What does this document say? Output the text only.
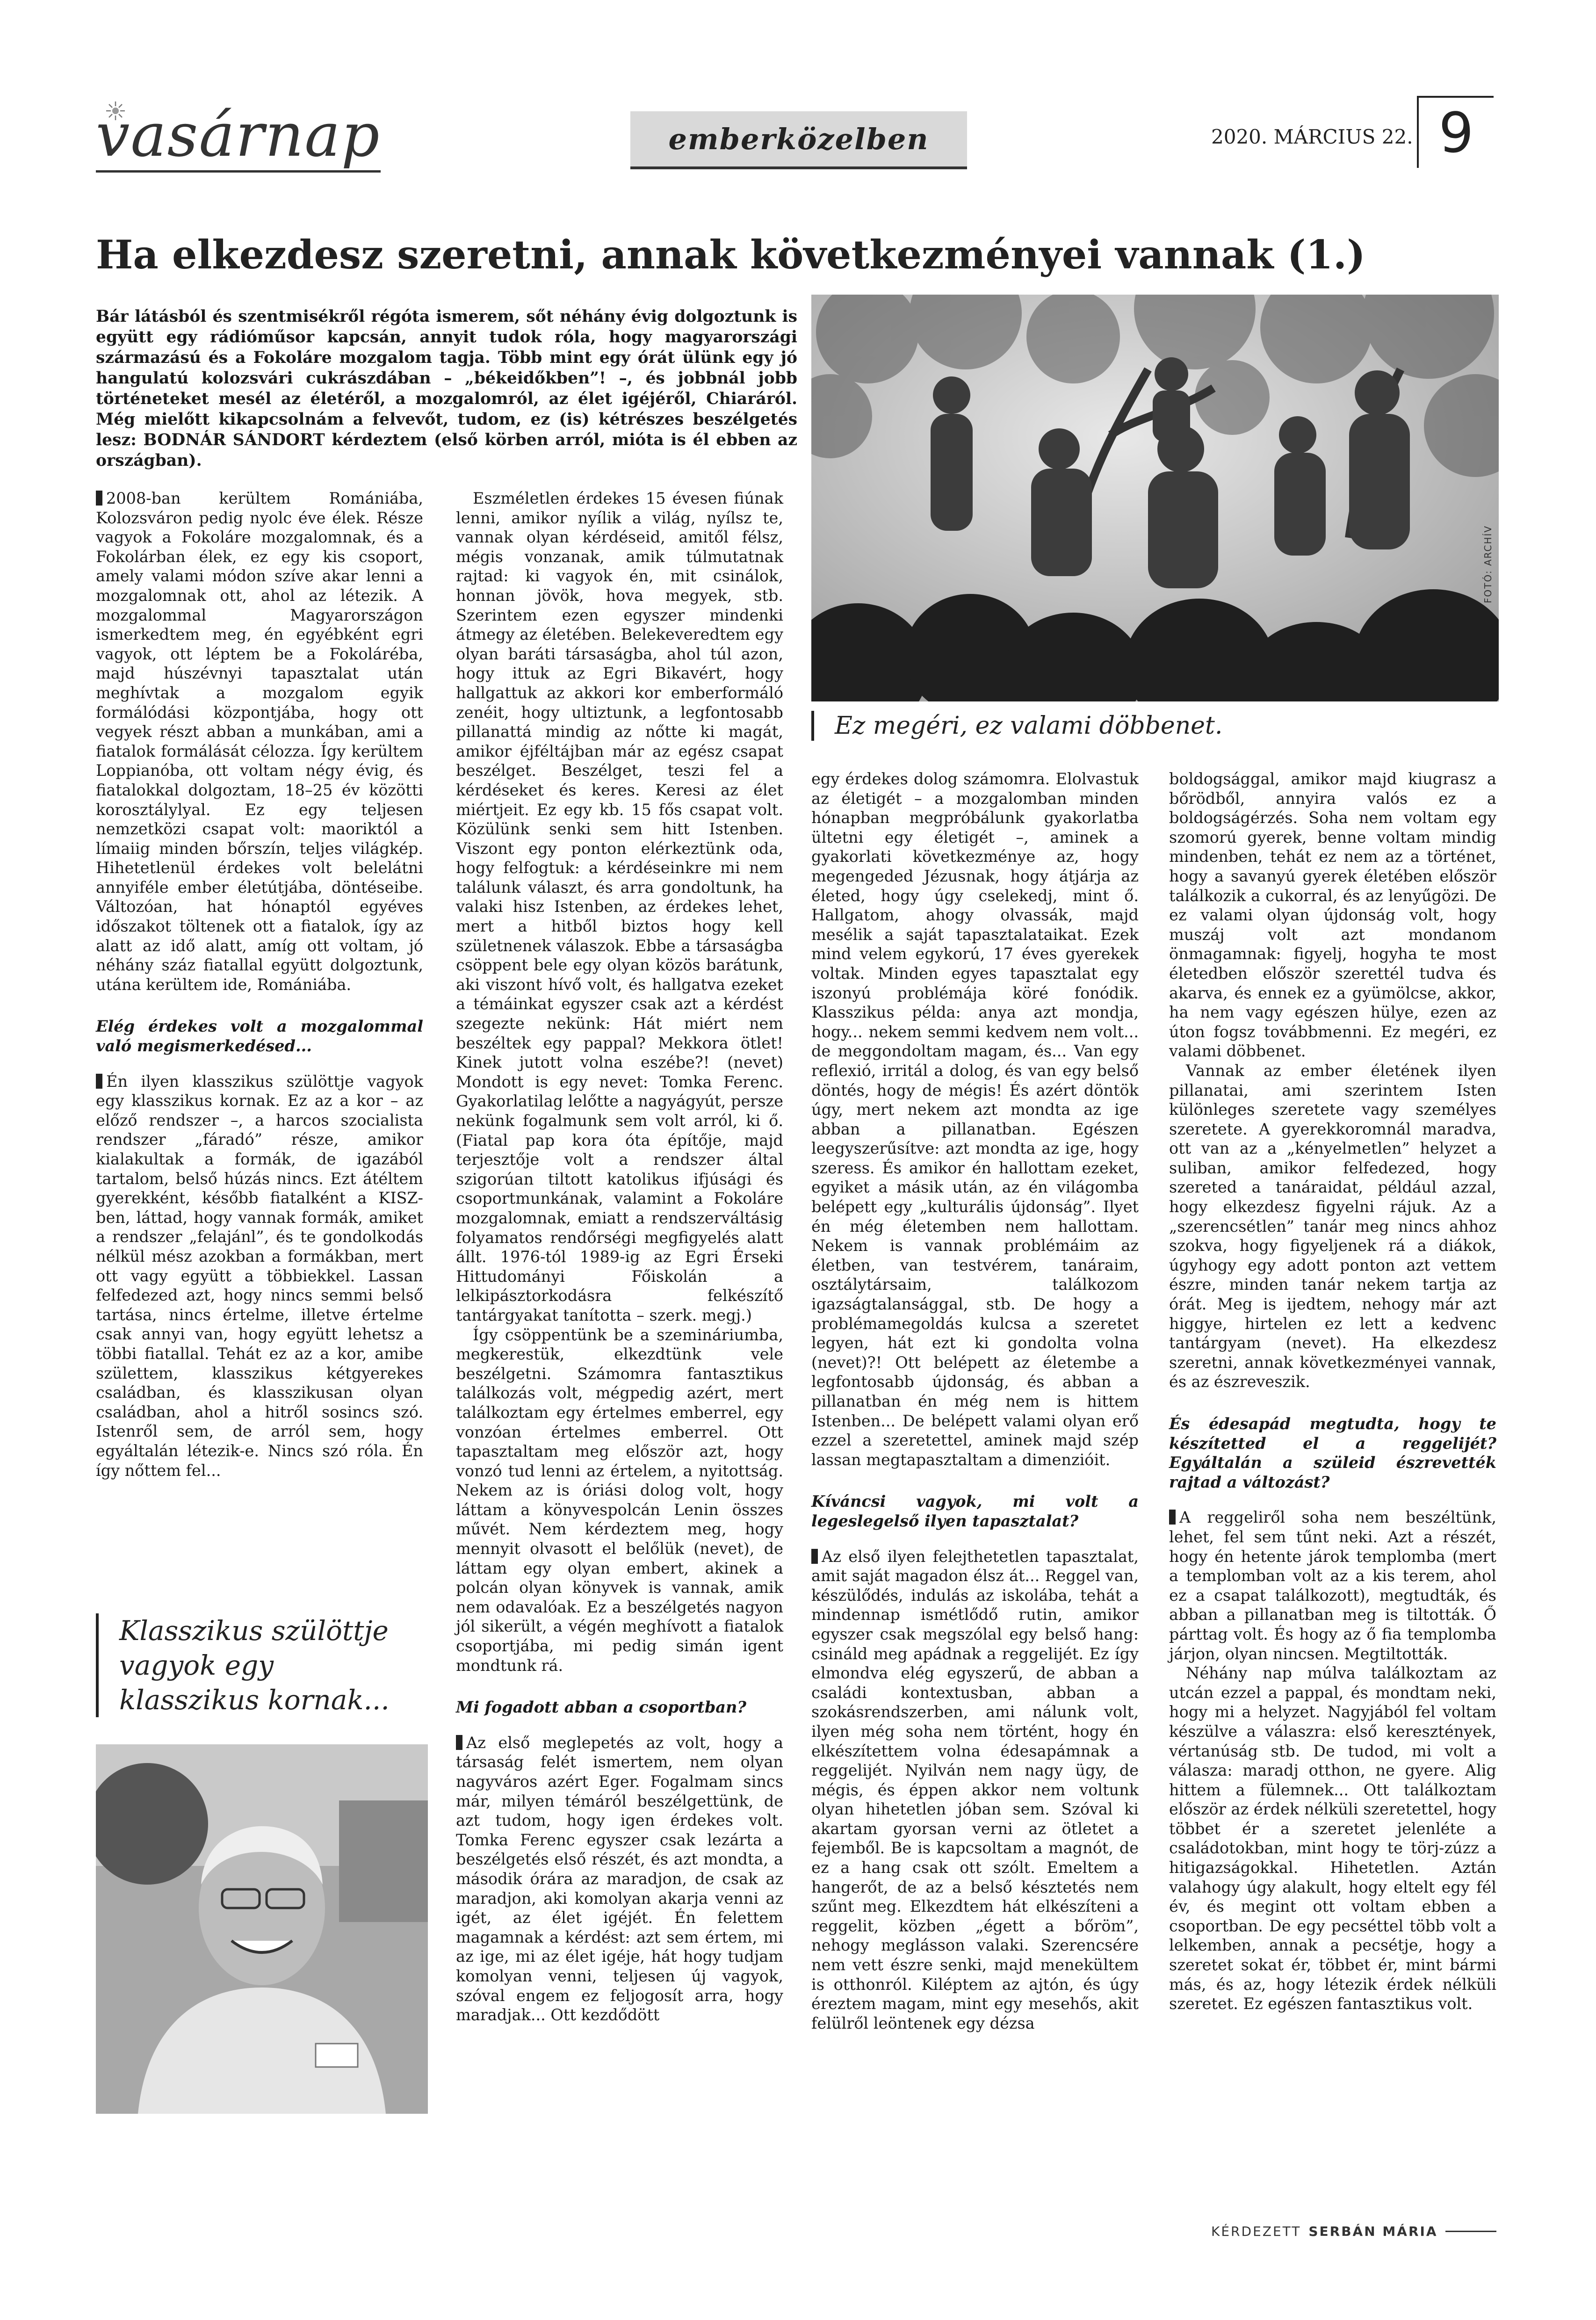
vasárnap	emberközelben	2020. MÁRCIUS 22. 9
Ha elkezdesz szeretni, annak következményei vannak (1.)
Bár látásból és szentmisékről régóta ismerem, sőt néhány évig dolgoztunk is együtt egy rádióműsor kapcsán, annyit tudok róla, hogy magyarországi származású és a Fokoláre mozgalom tagja. Több mint egy órát ülünk egy jó hangulatú kolozsvári cukrászdában – „békeidőkben”! –, és jobbnál jobb történeteket mesél az életéről, a mozgalomról, az élet igéjéről, Chiaráról. Még mielőtt kikapcsolnám a felvevőt, tudom, ez (is) kétrészes beszélgetés lesz: BODNÁR SÁNDORT kérdeztem (első körben arról, mióta is él ebben az országban).
FOTÓ: ARCHÍV
Ez megéri, ez valami döbbenet.

2008-ban kerültem Romániába, Kolozsváron pedig nyolc éve élek. Része vagyok a Fokoláre mozgalomnak, és a Fokolárban élek, ez egy kis csoport, amely valami módon szíve akar lenni a mozgalomnak ott, ahol az létezik. A mozgalommal Magyarországon ismerkedtem meg, én egyébként egri vagyok, ott léptem be a Fokoláréba, majd húszévnyi tapasztalat után meghívtak a mozgalom egyik formálódási központjába, hogy ott vegyek részt abban a munkában, ami a fiatalok formálását célozza. Így kerültem Loppianóba, ott voltam négy évig, és fiatalokkal dolgoztam, 18–25 év közötti korosztálylyal. Ez egy teljesen nemzetközi csapat volt: maoriktól a límaiig minden bőrszín, teljes világkép. Hihetetlenül érdekes volt belelátni annyiféle ember életútjába, döntéseibe. Változóan, hat hónaptól egyéves időszakot töltenek ott a fiatalok, így az alatt az idő alatt, amíg ott voltam, jó néhány száz fiatallal együtt dolgoztunk, utána kerültem ide, Romániába.

Elég érdekes volt a mozgalommal való megismerkedésed...

Én ilyen klasszikus szülöttje vagyok egy klasszikus kornak. Ez az a kor – az előző rendszer –, a harcos szocialista rendszer „fáradó” része, amikor kialakultak a formák, de igazából tartalom, belső húzás nincs. Ezt átéltem gyerekként, később fiatalként a KISZ-ben, láttad, hogy vannak formák, amiket a rendszer „felajánl”, és te gondolkodás nélkül mész azokban a formákban, mert ott vagy együtt a többiekkel. Lassan felfedezed azt, hogy nincs semmi belső tartása, nincs értelme, illetve értelme csak annyi van, hogy együtt lehetsz a többi fiatallal. Tehát ez az a kor, amibe születtem, klasszikus kétgyerekes családban, és klasszikusan olyan családban, ahol a hitről sosincs szó. Istenről sem, de arról sem, hogy egyáltalán létezik-e. Nincs szó róla. Én így nőttem fel...

Klasszikus szülöttje vagyok egy klasszikus kornak...

Eszméletlen érdekes 15 évesen fiúnak lenni, amikor nyílik a világ, nyílsz te, vannak olyan kérdéseid, amitől félsz, mégis vonzanak, amik túlmutatnak rajtad: ki vagyok én, mit csinálok, honnan jövök, hova megyek, stb. Szerintem ezen egyszer mindenki átmegy az életében. Belekeveredtem egy olyan baráti társaságba, ahol túl azon, hogy ittuk az Egri Bikavért, hogy hallgattuk az akkori kor emberformáló zenéit, hogy ultiztunk, a legfontosabb pillanattá mindig az nőtte ki magát, amikor éjféltájban már az egész csapat beszélget. Beszélget, teszi fel a kérdéseket és keres. Keresi az élet miértjeit. Ez egy kb. 15 fős csapat volt. Közülünk senki sem hitt Istenben. Viszont egy ponton elérkeztünk oda, hogy felfogtuk: a kérdéseinkre mi nem találunk választ, és arra gondoltunk, ha valaki hisz Istenben, az érdekes lehet, mert a hitből biztos hogy kell születnenek válaszok. Ebbe a társaságba csöppent bele egy olyan közös barátunk, aki viszont hívő volt, és hallgatva ezeket a témáinkat egyszer csak azt a kérdést szegezte nekünk: Hát miért nem beszéltek egy pappal? Mekkora ötlet! Kinek jutott volna eszébe?! (nevet) Mondott is egy nevet: Tomka Ferenc. Gyakorlatilag lelőtte a nagyágyút, persze nekünk fogalmunk sem volt arról, ki ő. (Fiatal pap kora óta építője, majd terjesztője volt a rendszer által szigorúan tiltott katolikus ifjúsági és csoportmunkának, valamint a Fokoláre mozgalomnak, emiatt a rendszerváltásig folyamatos rendőrségi megfigyelés alatt állt. 1976-tól 1989-ig az Egri Érseki Hittudományi Főiskolán a lelkipásztorkodásra felkészítő tantárgyakat tanította – szerk. megj.)

Így csöppentünk be a szemináriumba, megkerestük, elkezdtünk vele beszélgetni. Számomra fantasztikus találkozás volt, mégpedig azért, mert találkoztam egy értelmes emberrel, egy vonzóan értelmes emberrel. Ott tapasztaltam meg először azt, hogy vonzó tud lenni az értelem, a nyitottság. Nekem az is óriási dolog volt, hogy láttam a könyvespolcán Lenin összes művét. Nem kérdeztem meg, hogy mennyit olvasott el belőlük (nevet), de láttam egy olyan embert, akinek a polcán olyan könyvek is vannak, amik nem odavalóak. Ez a beszélgetés nagyon jól sikerült, a végén meghívott a fiatalok csoportjába, mi pedig simán igent mondtunk rá.

Mi fogadott abban a csoportban?

Az első meglepetés az volt, hogy a társaság felét ismertem, nem olyan nagyváros azért Eger. Fogalmam sincs már, milyen témáról beszélgettünk, de azt tudom, hogy igen érdekes volt. Tomka Ferenc egyszer csak lezárta a beszélgetés első részét, és azt mondta, a második órára az maradjon, de csak az maradjon, aki komolyan akarja venni az igét, az élet igéjét. Én felettem magamnak a kérdést: azt sem értem, mi az ige, mi az élet igéje, hát hogy tudjam komolyan venni, teljesen új vagyok, szóval engem ez feljogosít arra, hogy maradjak... Ott kezdődött

egy érdekes dolog számomra. Elolvastuk az életigét – a mozgalomban minden hónapban megpróbálunk gyakorlatba ültetni egy életigét –, aminek a gyakorlati következménye az, hogy megengeded Jézusnak, hogy átjárja az életed, hogy úgy cselekedj, mint ő. Hallgatom, ahogy olvassák, majd mesélik a saját tapasztalataikat. Ezek mind velem egykorú, 17 éves gyerekek voltak. Minden egyes tapasztalat egy iszonyú problémája köré fonódik. Klasszikus példa: anya azt mondja, hogy... nekem semmi kedvem nem volt... de meggondoltam magam, és... Van egy reflexió, irritál a dolog, és van egy belső döntés, hogy de mégis! És azért döntök úgy, mert nekem azt mondta az ige abban a pillanatban. Egészen leegyszerűsítve: azt mondta az ige, hogy szeress. És amikor én hallottam ezeket, egyiket a másik után, az én világomba belépett egy „kulturális újdonság”. Ilyet én még életemben nem hallottam. Nekem is vannak problémáim az életben, van testvérem, tanáraim, osztálytársaim, találkozom igazságtalansággal, stb. De hogy a problémamegoldás kulcsa a szeretet legyen, hát ezt ki gondolta volna (nevet)?! Ott belépett az életembe a legfontosabb újdonság, és abban a pillanatban én még nem is hittem Istenben... De belépett valami olyan erő ezzel a szeretettel, aminek majd szép lassan megtapasztaltam a dimenzióit.

Kíváncsi vagyok, mi volt a legeslegelső ilyen tapasztalat?

Az első ilyen felejthetetlen tapasztalat, amit saját magadon élsz át... Reggel van, készülődés, indulás az iskolába, tehát a mindennap ismétlődő rutin, amikor egyszer csak megszólal egy belső hang: csináld meg apádnak a reggelijét. Ez így elmondva elég egyszerű, de abban a családi kontextusban, abban a szokásrendszerben, ami nálunk volt, ilyen még soha nem történt, hogy én elkészítettem volna édesapámnak a reggelijét. Nyilván nem nagy ügy, de mégis, és éppen akkor nem voltunk olyan hihetetlen jóban sem. Szóval ki akartam gyorsan verni az ötletet a fejemből. Be is kapcsoltam a magnót, de ez a hang csak ott szólt. Emeltem a hangerőt, de az a belső késztetés nem szűnt meg. Elkezdtem hát elkészíteni a reggelit, közben „égett a bőröm”, nehogy meglásson valaki. Szerencsére nem vett észre senki, majd menekültem is otthonról. Kiléptem az ajtón, és úgy éreztem magam, mint egy mesehős, akit felülről leöntenek egy dézsa

boldogsággal, amikor majd kiugrasz a bőrödből, annyira valós ez a boldogságérzés. Soha nem voltam egy szomorú gyerek, benne voltam mindig mindenben, tehát ez nem az a történet, hogy a savanyú gyerek életében először találkozik a cukorral, és az lenyűgözi. De ez valami olyan újdonság volt, hogy muszáj volt azt mondanom önmagamnak: figyelj, hogyha te most életedben először szerettél tudva és akarva, és ennek ez a gyümölcse, akkor, ha nem vagy egészen hülye, ezen az úton fogsz továbbmenni. Ez megéri, ez valami döbbenet.

Vannak az ember életének ilyen pillanatai, ami szerintem Isten különleges szeretete vagy személyes szeretete. A gyerekkoromnál maradva, ott van az a „kényelmetlen” helyzet a suliban, amikor felfedezed, hogy szereted a tanáraidat, például azzal, hogy elkezdesz figyelni rájuk. Az a „szerencsétlen” tanár meg nincs ahhoz szokva, hogy figyeljenek rá a diákok, úgyhogy egy adott ponton azt vettem észre, minden tanár nekem tartja az órát. Meg is ijedtem, nehogy már azt higgye, hirtelen ez lett a kedvenc tantárgyam (nevet). Ha elkezdesz szeretni, annak következményei vannak, és az észreveszik.

És édesapád megtudta, hogy te készítetted el a reggelijét? Egyáltalán a szüleid észrevették rajtad a változást?

A reggeliről soha nem beszéltünk, lehet, fel sem tűnt neki. Azt a részét, hogy én hetente járok templomba (mert a templomban volt az a kis terem, ahol ez a csapat találkozott), megtudták, és abban a pillanatban meg is tiltották. Ő párttag volt. És hogy az ő fia templomba járjon, olyan nincsen. Megtiltották.

Néhány nap múlva találkoztam az utcán ezzel a pappal, és mondtam neki, hogy mi a helyzet. Nagyjából fel voltam készülve a válaszra: első keresztények, vértanúság stb. De tudod, mi volt a válasza: maradj otthon, ne gyere. Alig hittem a fülemnek... Ott találkoztam először az érdek nélküli szeretettel, hogy többet ér a szeretet jelenléte a családotokban, mint hogy te törj-zúzz a hitigazságokkal. Hihetetlen. Aztán valahogy úgy alakult, hogy eltelt egy fél év, és megint ott voltam ebben a csoportban. De egy pecséttel több volt a lelkemben, annak a pecsétje, hogy a szeretet sokat ér, többet ér, mint bármi más, és az, hogy létezik érdek nélküli szeretet. Ez egészen fantasztikus volt.

KÉRDEZETT SERBÁN MÁRIA
